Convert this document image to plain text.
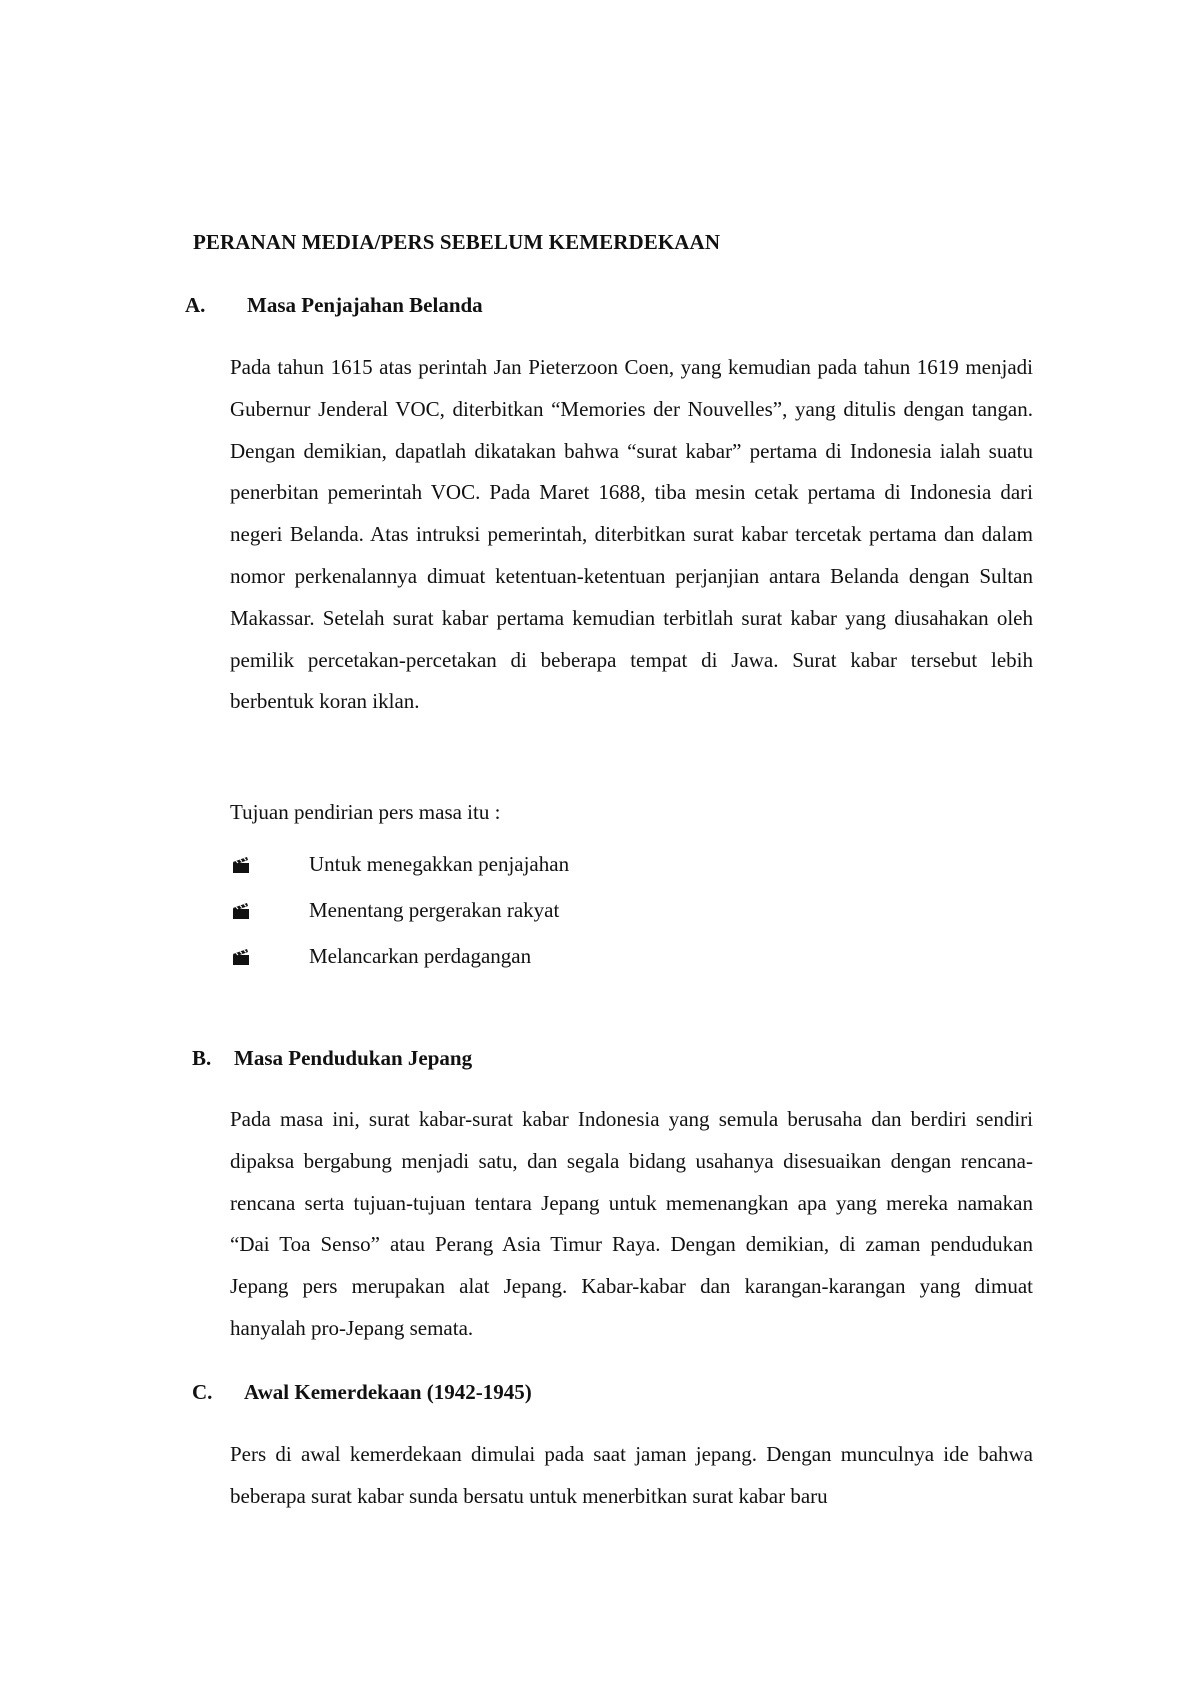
PERANAN MEDIA/PERS SEBELUM KEMERDEKAAN
A. Masa Penjajahan Belanda

Pada tahun 1615 atas perintah Jan Pieterzoon Coen, yang kemudian pada tahun 1619 menjadi Gubernur Jenderal VOC, diterbitkan “Memories der Nouvelles”, yang ditulis dengan tangan. Dengan demikian, dapatlah dikatakan bahwa “surat kabar” pertama di Indonesia ialah suatu penerbitan pemerintah VOC. Pada Maret 1688, tiba mesin cetak pertama di Indonesia dari negeri Belanda. Atas intruksi pemerintah, diterbitkan surat kabar tercetak pertama dan dalam nomor perkenalannya dimuat ketentuan-ketentuan perjanjian antara Belanda dengan Sultan Makassar. Setelah surat kabar pertama kemudian terbitlah surat kabar yang diusahakan oleh pemilik percetakan-percetakan di beberapa tempat di Jawa. Surat kabar tersebut lebih berbentuk koran iklan.

Tujuan pendirian pers masa itu :
Untuk menegakkan penjajahan
Menentang pergerakan rakyat
Melancarkan perdagangan
B. Masa Pendudukan Jepang

Pada masa ini, surat kabar-surat kabar Indonesia yang semula berusaha dan berdiri sendiri dipaksa bergabung menjadi satu, dan segala bidang usahanya disesuaikan dengan rencana-rencana serta tujuan-tujuan tentara Jepang untuk memenangkan apa yang mereka namakan “Dai Toa Senso” atau Perang Asia Timur Raya. Dengan demikian, di zaman pendudukan Jepang pers merupakan alat Jepang. Kabar-kabar dan karangan-karangan yang dimuat hanyalah pro-Jepang semata.

C. Awal Kemerdekaan (1942-1945)

Pers di awal kemerdekaan dimulai pada saat jaman jepang. Dengan munculnya ide bahwa beberapa surat kabar sunda bersatu untuk menerbitkan surat kabar baru
